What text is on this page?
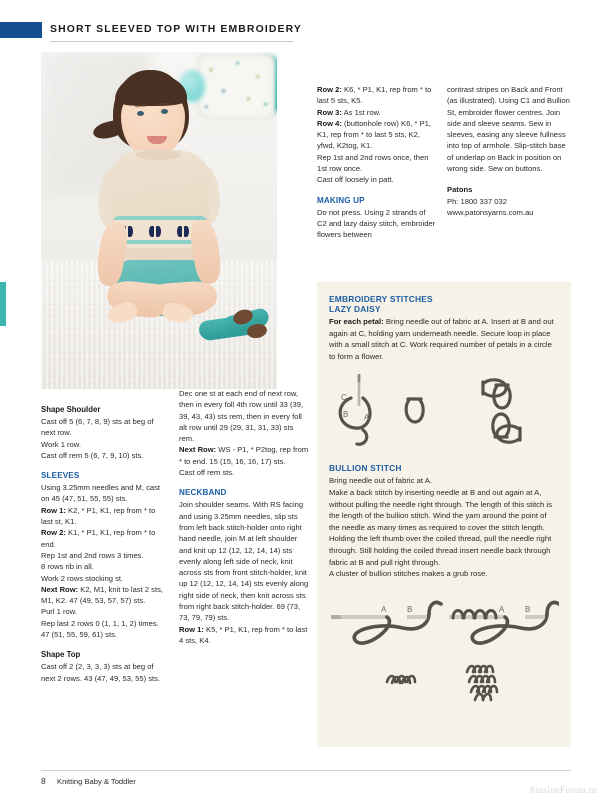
SHORT SLEEVED TOP WITH EMBROIDERY

Shape Shoulder

Cast off 5 (6, 7, 8, 9) sts at beg of next row.

Work 1 row.

Cast off rem 5 (6, 7, 9, 10) sts.

SLEEVES

Using 3.25mm needles and M, cast on 45 (47, 51, 55, 55) sts.

Row 1: K2, * P1, K1, rep from * to last st, K1.

Row 2: K1, * P1, K1, rep from * to end.

Rep 1st and 2nd rows 3 times.

8 rows rib in all.

Work 2 rows stocking st.

Next Row: K2, M1, knit to last 2 sts, M1, K2. 47 (49, 53, 57, 57) sts.

Purl 1 row.

Rep last 2 rows 0 (1, 1, 1, 2) times. 47 (51, 55, 59, 61) sts.

Shape Top

Cast off 2 (2, 3, 3, 3) sts at beg of next 2 rows. 43 (47, 49, 53, 55) sts.

Dec one st at each end of next row, then in every foll 4th row until 33 (39, 39, 43, 43) sts rem, then in every foll alt row until 29 (29, 31, 31, 33) sts rem.

Next Row: WS - P1, * P2tog, rep from * to end. 15 (15, 16, 16, 17) sts.

Cast off rem sts.

NECKBAND

Join shoulder seams. With RS facing and using 3.25mm needles, slip sts from left back stitch-holder onto right hand needle, join M at left shoulder and knit up 12 (12, 12, 14, 14) sts evenly along left side of neck, knit across sts from front stitch-holder, knit up 12 (12, 12, 14, 14) sts evenly along right side of neck, then knit across sts from right back stitch-holder. 69 (73, 73, 79, 79) sts.

Row 1: K5, * P1, K1, rep from * to last 4 sts, K4.

Row 2: K6, * P1, K1, rep from * to last 5 sts, K5.

Row 3: As 1st row.

Row 4: (buttonhole row) K6, * P1, K1, rep from * to last 5 sts, K2, yfwd, K2tog, K1.

Rep 1st and 2nd rows once, then 1st row once.

Cast off loosely in patt.

MAKING UP

Do not press. Using 2 strands of C2 and lazy daisy stitch, embroider flowers between

contrast stripes on Back and Front (as illustrated). Using C1 and Bullion St, embroider flower centres. Join side and sleeve seams. Sew in sleeves, easing any sleeve fullness into top of armhole. Slip-stitch base of underlap on Back in position on wrong side. Sew on buttons.

Patons
Ph: 1800 337 032
www.patonsyarns.com.au
EMBROIDERY STITCHES
LAZY DAISY
For each petal: Bring needle out of fabric at A. Insert at B and out again at C, holding yarn underneath needle. Secure loop in place with a small stitch at C. Work required number of petals in a circle to form a flower.
C
B A
BULLION STITCH
Bring needle out of fabric at A.
Make a back stitch by inserting needle at B and out again at A, without pulling the needle right through. The length of this stitch is the length of the bullion stitch. Wind the yarn around the point of the needle as many times as required to cover the stitch length. Holding the left thumb over the coiled thread, pull the needle right through. Still holding the coiled thread insert needle back through fabric at B and pull right through.
A cluster of bullion stitches makes a grub rose.
A	B	A	B
8 Knitting Baby & Toddler
PassionForum.ru
